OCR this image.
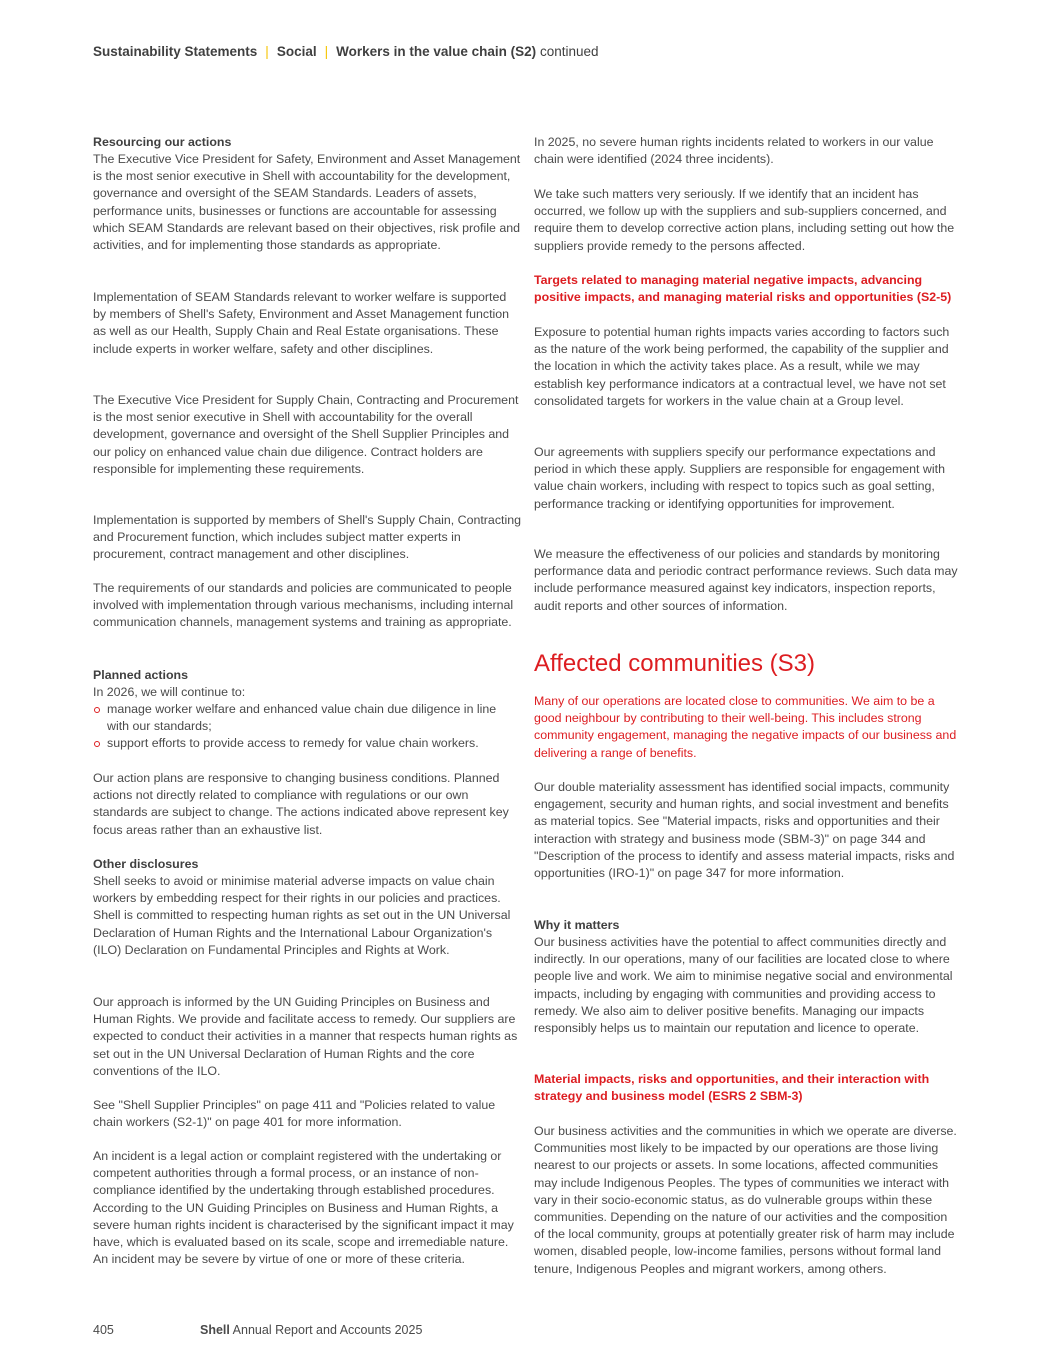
Sustainability Statements | Social | Workers in the value chain (S2) continued
Resourcing our actions

The Executive Vice President for Safety, Environment and Asset Management is the most senior executive in Shell with accountability for the development, governance and oversight of the SEAM Standards. Leaders of assets, performance units, businesses or functions are accountable for assessing which SEAM Standards are relevant based on their objectives, risk profile and activities, and for implementing those standards as appropriate.

Implementation of SEAM Standards relevant to worker welfare is supported by members of Shell's Safety, Environment and Asset Management function as well as our Health, Supply Chain and Real Estate organisations. These include experts in worker welfare, safety and other disciplines.

The Executive Vice President for Supply Chain, Contracting and Procurement is the most senior executive in Shell with accountability for the overall development, governance and oversight of the Shell Supplier Principles and our policy on enhanced value chain due diligence. Contract holders are responsible for implementing these requirements.

Implementation is supported by members of Shell's Supply Chain, Contracting and Procurement function, which includes subject matter experts in procurement, contract management and other disciplines.

The requirements of our standards and policies are communicated to people involved with implementation through various mechanisms, including internal communication channels, management systems and training as appropriate.

Planned actions
In 2026, we will continue to:
manage worker welfare and enhanced value chain due diligence in line with our standards;
support efforts to provide access to remedy for value chain workers.

Our action plans are responsive to changing business conditions. Planned actions not directly related to compliance with regulations or our own standards are subject to change. The actions indicated above represent key focus areas rather than an exhaustive list.

Other disclosures

Shell seeks to avoid or minimise material adverse impacts on value chain workers by embedding respect for their rights in our policies and practices. Shell is committed to respecting human rights as set out in the UN Universal Declaration of Human Rights and the International Labour Organization's (ILO) Declaration on Fundamental Principles and Rights at Work.

Our approach is informed by the UN Guiding Principles on Business and Human Rights. We provide and facilitate access to remedy. Our suppliers are expected to conduct their activities in a manner that respects human rights as set out in the UN Universal Declaration of Human Rights and the core conventions of the ILO.

See "Shell Supplier Principles" on page 411 and "Policies related to value chain workers (S2-1)" on page 401 for more information.

An incident is a legal action or complaint registered with the undertaking or competent authorities through a formal process, or an instance of non-compliance identified by the undertaking through established procedures. According to the UN Guiding Principles on Business and Human Rights, a severe human rights incident is characterised by the significant impact it may have, which is evaluated based on its scale, scope and irremediable nature. An incident may be severe by virtue of one or more of these criteria.

In 2025, no severe human rights incidents related to workers in our value chain were identified (2024 three incidents).

We take such matters very seriously. If we identify that an incident has occurred, we follow up with the suppliers and sub-suppliers concerned, and require them to develop corrective action plans, including setting out how the suppliers provide remedy to the persons affected.

Targets related to managing material negative impacts, advancing positive impacts, and managing material risks and opportunities (S2-5)

Exposure to potential human rights impacts varies according to factors such as the nature of the work being performed, the capability of the supplier and the location in which the activity takes place. As a result, while we may establish key performance indicators at a contractual level, we have not set consolidated targets for workers in the value chain at a Group level.

Our agreements with suppliers specify our performance expectations and period in which these apply. Suppliers are responsible for engagement with value chain workers, including with respect to topics such as goal setting, performance tracking or identifying opportunities for improvement.

We measure the effectiveness of our policies and standards by monitoring performance data and periodic contract performance reviews. Such data may include performance measured against key indicators, inspection reports, audit reports and other sources of information.

Affected communities (S3)

Many of our operations are located close to communities. We aim to be a good neighbour by contributing to their well-being. This includes strong community engagement, managing the negative impacts of our business and delivering a range of benefits.

Our double materiality assessment has identified social impacts, community engagement, security and human rights, and social investment and benefits as material topics. See "Material impacts, risks and opportunities and their interaction with strategy and business mode (SBM-3)" on page 344 and "Description of the process to identify and assess material impacts, risks and opportunities (IRO-1)" on page 347 for more information.

Why it matters

Our business activities have the potential to affect communities directly and indirectly. In our operations, many of our facilities are located close to where people live and work. We aim to minimise negative social and environmental impacts, including by engaging with communities and providing access to remedy. We also aim to deliver positive benefits. Managing our impacts responsibly helps us to maintain our reputation and licence to operate.

Material impacts, risks and opportunities, and their interaction with strategy and business model (ESRS 2 SBM-3)

Our business activities and the communities in which we operate are diverse. Communities most likely to be impacted by our operations are those living nearest to our projects or assets. In some locations, affected communities may include Indigenous Peoples. The types of communities we interact with vary in their socio-economic status, as do vulnerable groups within these communities. Depending on the nature of our activities and the composition of the local community, groups at potentially greater risk of harm may include women, disabled people, low-income families, persons without formal land tenure, Indigenous Peoples and migrant workers, among others.

405	Shell Annual Report and Accounts 2025
